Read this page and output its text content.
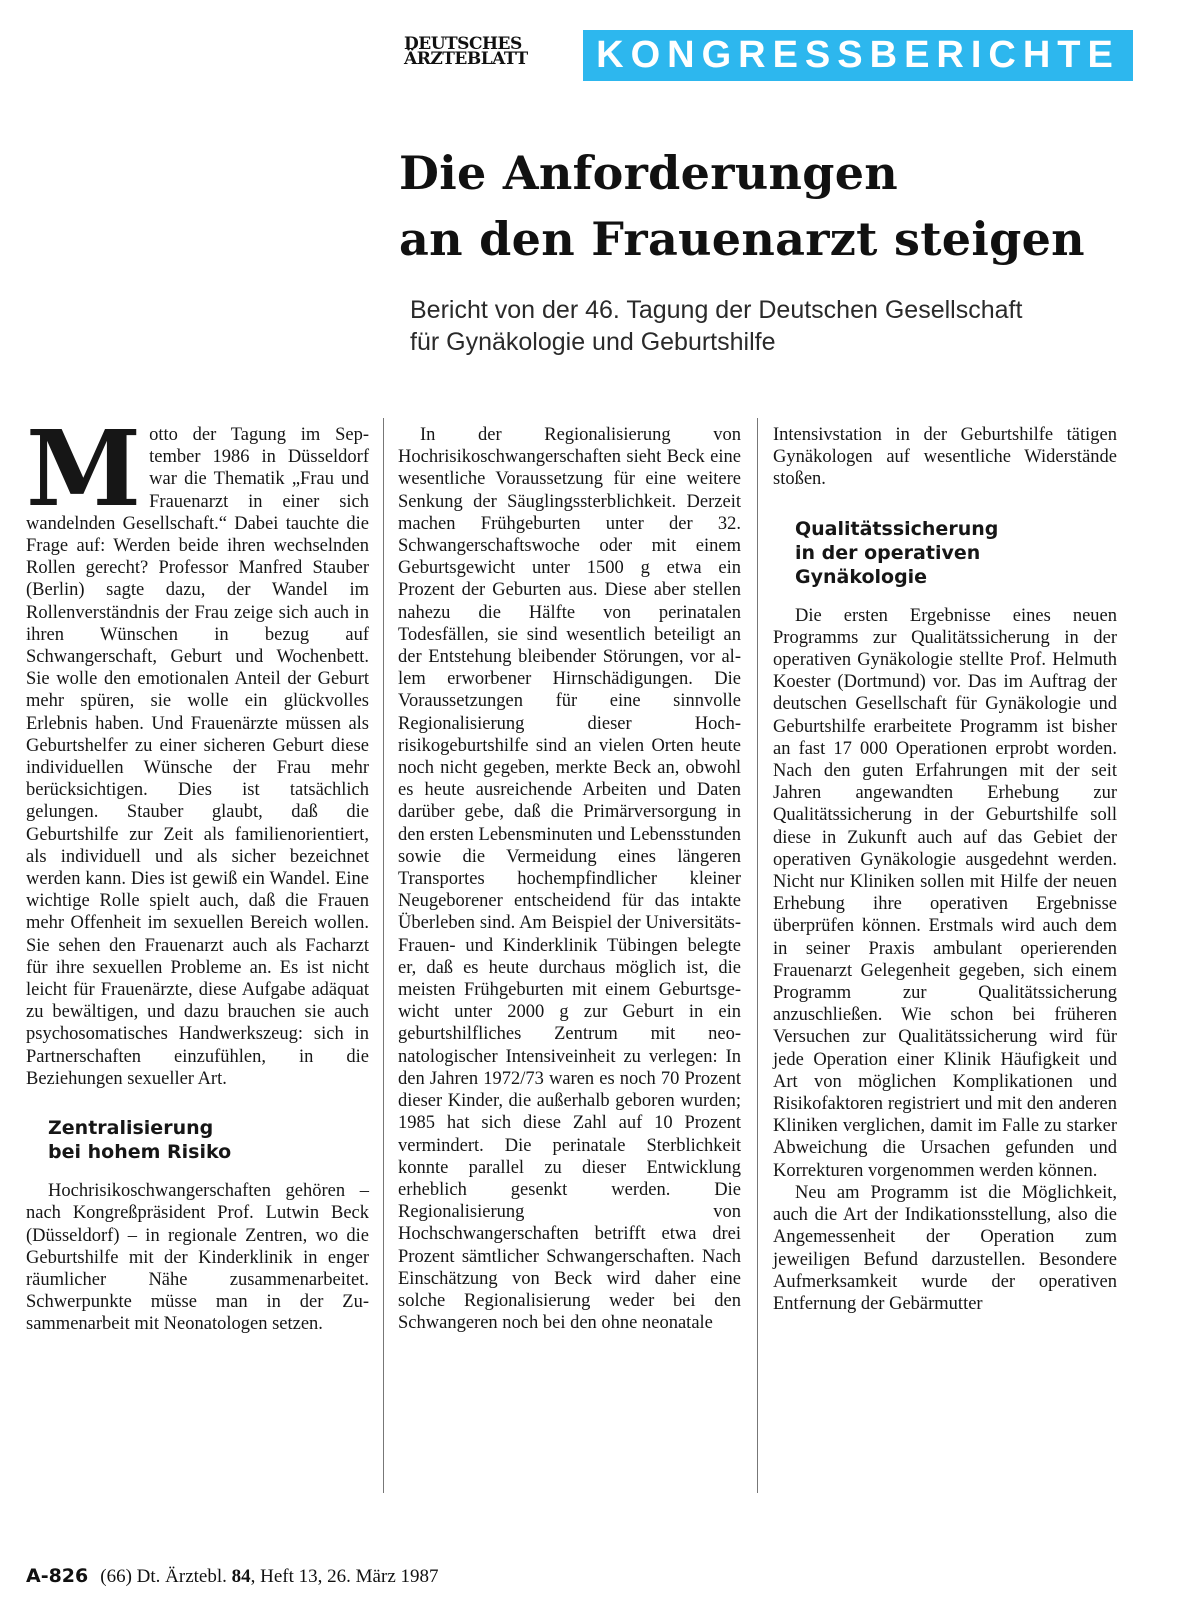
DEUTSCHES
ÄRZTEBLATT	KONGRESSBERICHTE
Die Anforderungen
an den Frauenarzt steigen
Bericht von der 46. Tagung der Deutschen Gesellschaft
für Gynäkologie und Geburtshilfe
M otto der Tagung im September 1986 in Düsseldorf war die Thematik „Frau und Frauenarzt in einer sich wandelnden Gesellschaft.“ Dabei tauchte die Frage auf: Werden beide ihren wechselnden Rollen gerecht? Professor Manfred Stauber (Berlin) sagte dazu, der Wandel im Rollenverständnis der Frau zeige sich auch in ihren Wünschen in bezug auf Schwangerschaft, Geburt und Wochenbett. Sie wolle den emotionalen Anteil der Geburt mehr spüren, sie wolle ein glückvolles Erlebnis haben. Und Frauenärzte müssen als Geburtshelfer zu einer sicheren Geburt diese individuellen Wünsche der Frau mehr berücksichtigen. Dies ist tatsächlich gelungen. Stauber glaubt, daß die Geburtshilfe zur Zeit als familienorientiert, als individuell und als sicher bezeichnet werden kann. Dies ist gewiß ein Wandel. Eine wichtige Rolle spielt auch, daß die Frauen mehr Offenheit im sexuellen Bereich wollen. Sie sehen den Frauenarzt auch als Facharzt für ihre sexuellen Probleme an. Es ist nicht leicht für Frauenärzte, diese Aufgabe adäquat zu bewältigen, und dazu brauchen sie auch psychosomatisches Handwerkszeug: sich in Partnerschaften einzufühlen, in die Beziehungen sexueller Art.

Zentralisierung
bei hohem Risiko

Hochrisikoschwangerschaften gehören – nach Kongreßpräsident Prof. Lutwin Beck (Düsseldorf) – in regionale Zentren, wo die Geburtshilfe mit der Kinderklinik in enger räumlicher Nähe zusammenarbeitet. Schwerpunkte müsse man in der Zusammenarbeit mit Neonatologen setzen.

In der Regionalisierung von Hochrisikoschwangerschaften sieht Beck eine wesentliche Voraussetzung für eine weitere Senkung der Säuglingssterblichkeit. Derzeit machen Frühgeburten unter der 32. Schwangerschaftswoche oder mit einem Geburtsgewicht unter 1500 g etwa ein Prozent der Geburten aus. Diese aber stellen nahezu die Hälfte von perinatalen Todesfällen, sie sind wesentlich beteiligt an der Entstehung bleibender Störungen, vor allem erworbener Hirnschädigungen. Die Voraussetzungen für eine sinnvolle Regionalisierung dieser Hochrisikogeburtshilfe sind an vielen Orten heute noch nicht gegeben, merkte Beck an, obwohl es heute ausreichende Arbeiten und Daten darüber gebe, daß die Primärversorgung in den ersten Lebensminuten und Lebensstunden sowie die Vermeidung eines längeren Transportes hochempfindlicher kleiner Neugeborener entscheidend für das intakte Überleben sind. Am Beispiel der Universitäts-Frauen- und Kinderklinik Tübingen belegte er, daß es heute durchaus möglich ist, die meisten Frühgeburten mit einem Geburtsgewicht unter 2000 g zur Geburt in ein geburtshilfliches Zentrum mit neonatologischer Intensiveinheit zu verlegen: In den Jahren 1972/73 waren es noch 70 Prozent dieser Kinder, die außerhalb geboren wurden; 1985 hat sich diese Zahl auf 10 Prozent vermindert. Die perinatale Sterblichkeit konnte parallel zu dieser Entwicklung erheblich gesenkt werden. Die Regionalisierung von Hochschwangerschaften betrifft etwa drei Prozent sämtlicher Schwangerschaften. Nach Einschätzung von Beck wird daher eine solche Regionalisierung weder bei den Schwangeren noch bei den ohne neonatale

Intensivstation in der Geburtshilfe tätigen Gynäkologen auf wesentliche Widerstände stoßen.

Qualitätssicherung
in der operativen
Gynäkologie

Die ersten Ergebnisse eines neuen Programms zur Qualitätssicherung in der operativen Gynäkologie stellte Prof. Helmuth Koester (Dortmund) vor. Das im Auftrag der deutschen Gesellschaft für Gynäkologie und Geburtshilfe erarbeitete Programm ist bisher an fast 17 000 Operationen erprobt worden. Nach den guten Erfahrungen mit der seit Jahren angewandten Erhebung zur Qualitätssicherung in der Geburtshilfe soll diese in Zukunft auch auf das Gebiet der operativen Gynäkologie ausgedehnt werden. Nicht nur Kliniken sollen mit Hilfe der neuen Erhebung ihre operativen Ergebnisse überprüfen können. Erstmals wird auch dem in seiner Praxis ambulant operierenden Frauenarzt Gelegenheit gegeben, sich einem Programm zur Qualitätssicherung anzuschließen. Wie schon bei früheren Versuchen zur Qualitätssicherung wird für jede Operation einer Klinik Häufigkeit und Art von möglichen Komplikationen und Risikofaktoren registriert und mit den anderen Kliniken verglichen, damit im Falle zu starker Abweichung die Ursachen gefunden und Korrekturen vorgenommen werden können.

Neu am Programm ist die Möglichkeit, auch die Art der Indikationsstellung, also die Angemessenheit der Operation zum jeweiligen Befund darzustellen. Besondere Aufmerksamkeit wurde der operativen Entfernung der Gebärmutter

A-826 (66) Dt. Ärztebl. 84, Heft 13, 26. März 1987
